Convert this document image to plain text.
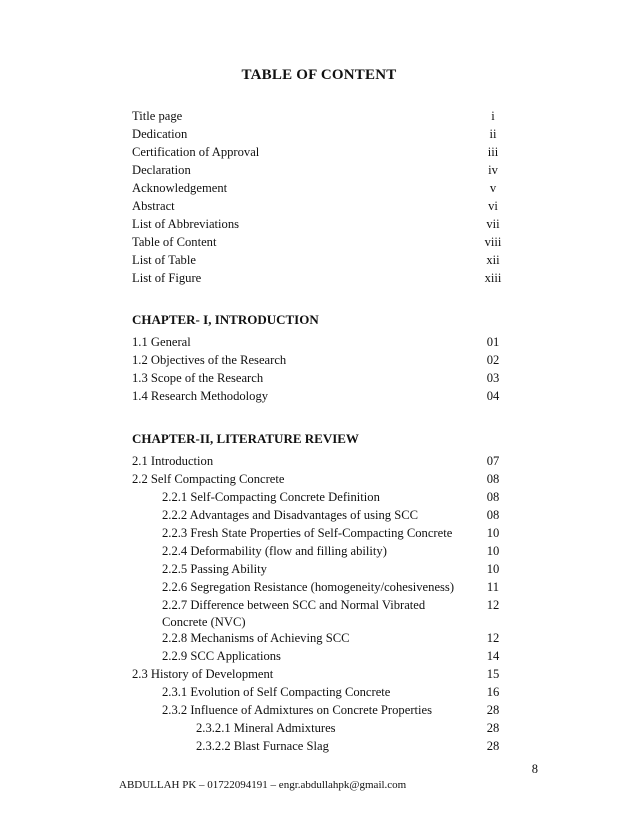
TABLE OF CONTENT
Title page	i
Dedication	ii
Certification of Approval	iii
Declaration	iv
Acknowledgement	v
Abstract	vi
List of Abbreviations	vii
Table of Content	viii
List of Table	xii
List of Figure	xiii
CHAPTER- I, INTRODUCTION
1.1 General	01
1.2 Objectives of the Research	02
1.3 Scope of the Research	03
1.4 Research Methodology	04
CHAPTER-II, LITERATURE REVIEW
2.1 Introduction	07
2.2 Self Compacting Concrete	08
2.2.1 Self-Compacting Concrete Definition	08
2.2.2 Advantages and Disadvantages of using SCC	08
2.2.3 Fresh State Properties of Self-Compacting Concrete	10
2.2.4 Deformability (flow and filling ability)	10
2.2.5 Passing Ability	10
2.2.6 Segregation Resistance (homogeneity/cohesiveness)	11
2.2.7 Difference between SCC and Normal Vibrated Concrete (NVC)
12
2.2.8 Mechanisms of Achieving SCC	12
2.2.9 SCC Applications	14
2.3 History of Development	15
2.3.1 Evolution of Self Compacting Concrete	16
2.3.2 Influence of Admixtures on Concrete Properties	28
2.3.2.1 Mineral Admixtures	28
2.3.2.2 Blast Furnace Slag	28
8
ABDULLAH PK – 01722094191 – engr.abdullahpk@gmail.com
